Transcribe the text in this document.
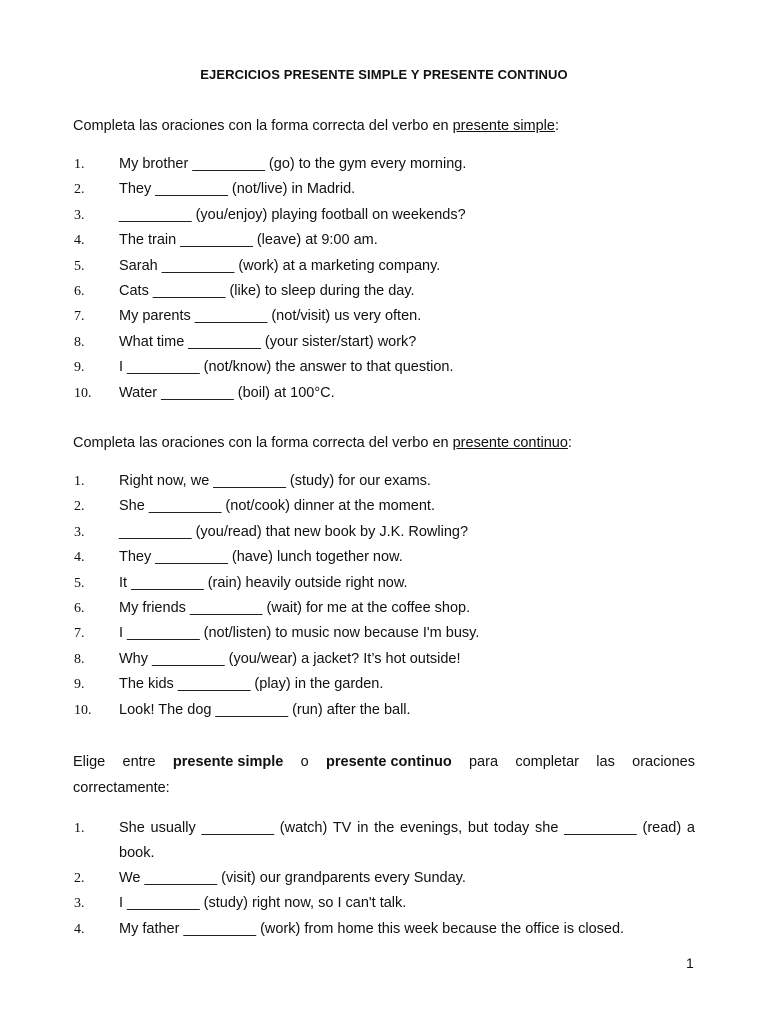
EJERCICIOS PRESENTE SIMPLE Y PRESENTE CONTINUO
Completa las oraciones con la forma correcta del verbo en presente simple:
1.	My brother _________ (go) to the gym every morning.
2.	They _________ (not/live) in Madrid.
3.	_________ (you/enjoy) playing football on weekends?
4.	The train _________ (leave) at 9:00 am.
5.	Sarah _________ (work) at a marketing company.
6.	Cats _________ (like) to sleep during the day.
7.	My parents _________ (not/visit) us very often.
8.	What time _________ (your sister/start) work?
9.	I _________ (not/know) the answer to that question.
10.	Water _________ (boil) at 100°C.
Completa las oraciones con la forma correcta del verbo en presente continuo:
1.	Right now, we _________ (study) for our exams.
2.	She _________ (not/cook) dinner at the moment.
3.	_________ (you/read) that new book by J.K. Rowling?
4.	They _________ (have) lunch together now.
5.	It _________ (rain) heavily outside right now.
6.	My friends _________ (wait) for me at the coffee shop.
7.	I _________ (not/listen) to music now because I'm busy.
8.	Why _________ (you/wear) a jacket? It’s hot outside!
9.	The kids _________ (play) in the garden.
10.	Look! The dog _________ (run) after the ball.
Elige entre presente simple o presente continuo para completar las oraciones
correctamente:
1.	She usually _________ (watch) TV in the evenings, but today she _________ (read) a book.
2.	We _________ (visit) our grandparents every Sunday.
3.	I _________ (study) right now, so I can't talk.
4.	My father _________ (work) from home this week because the office is closed.
1
